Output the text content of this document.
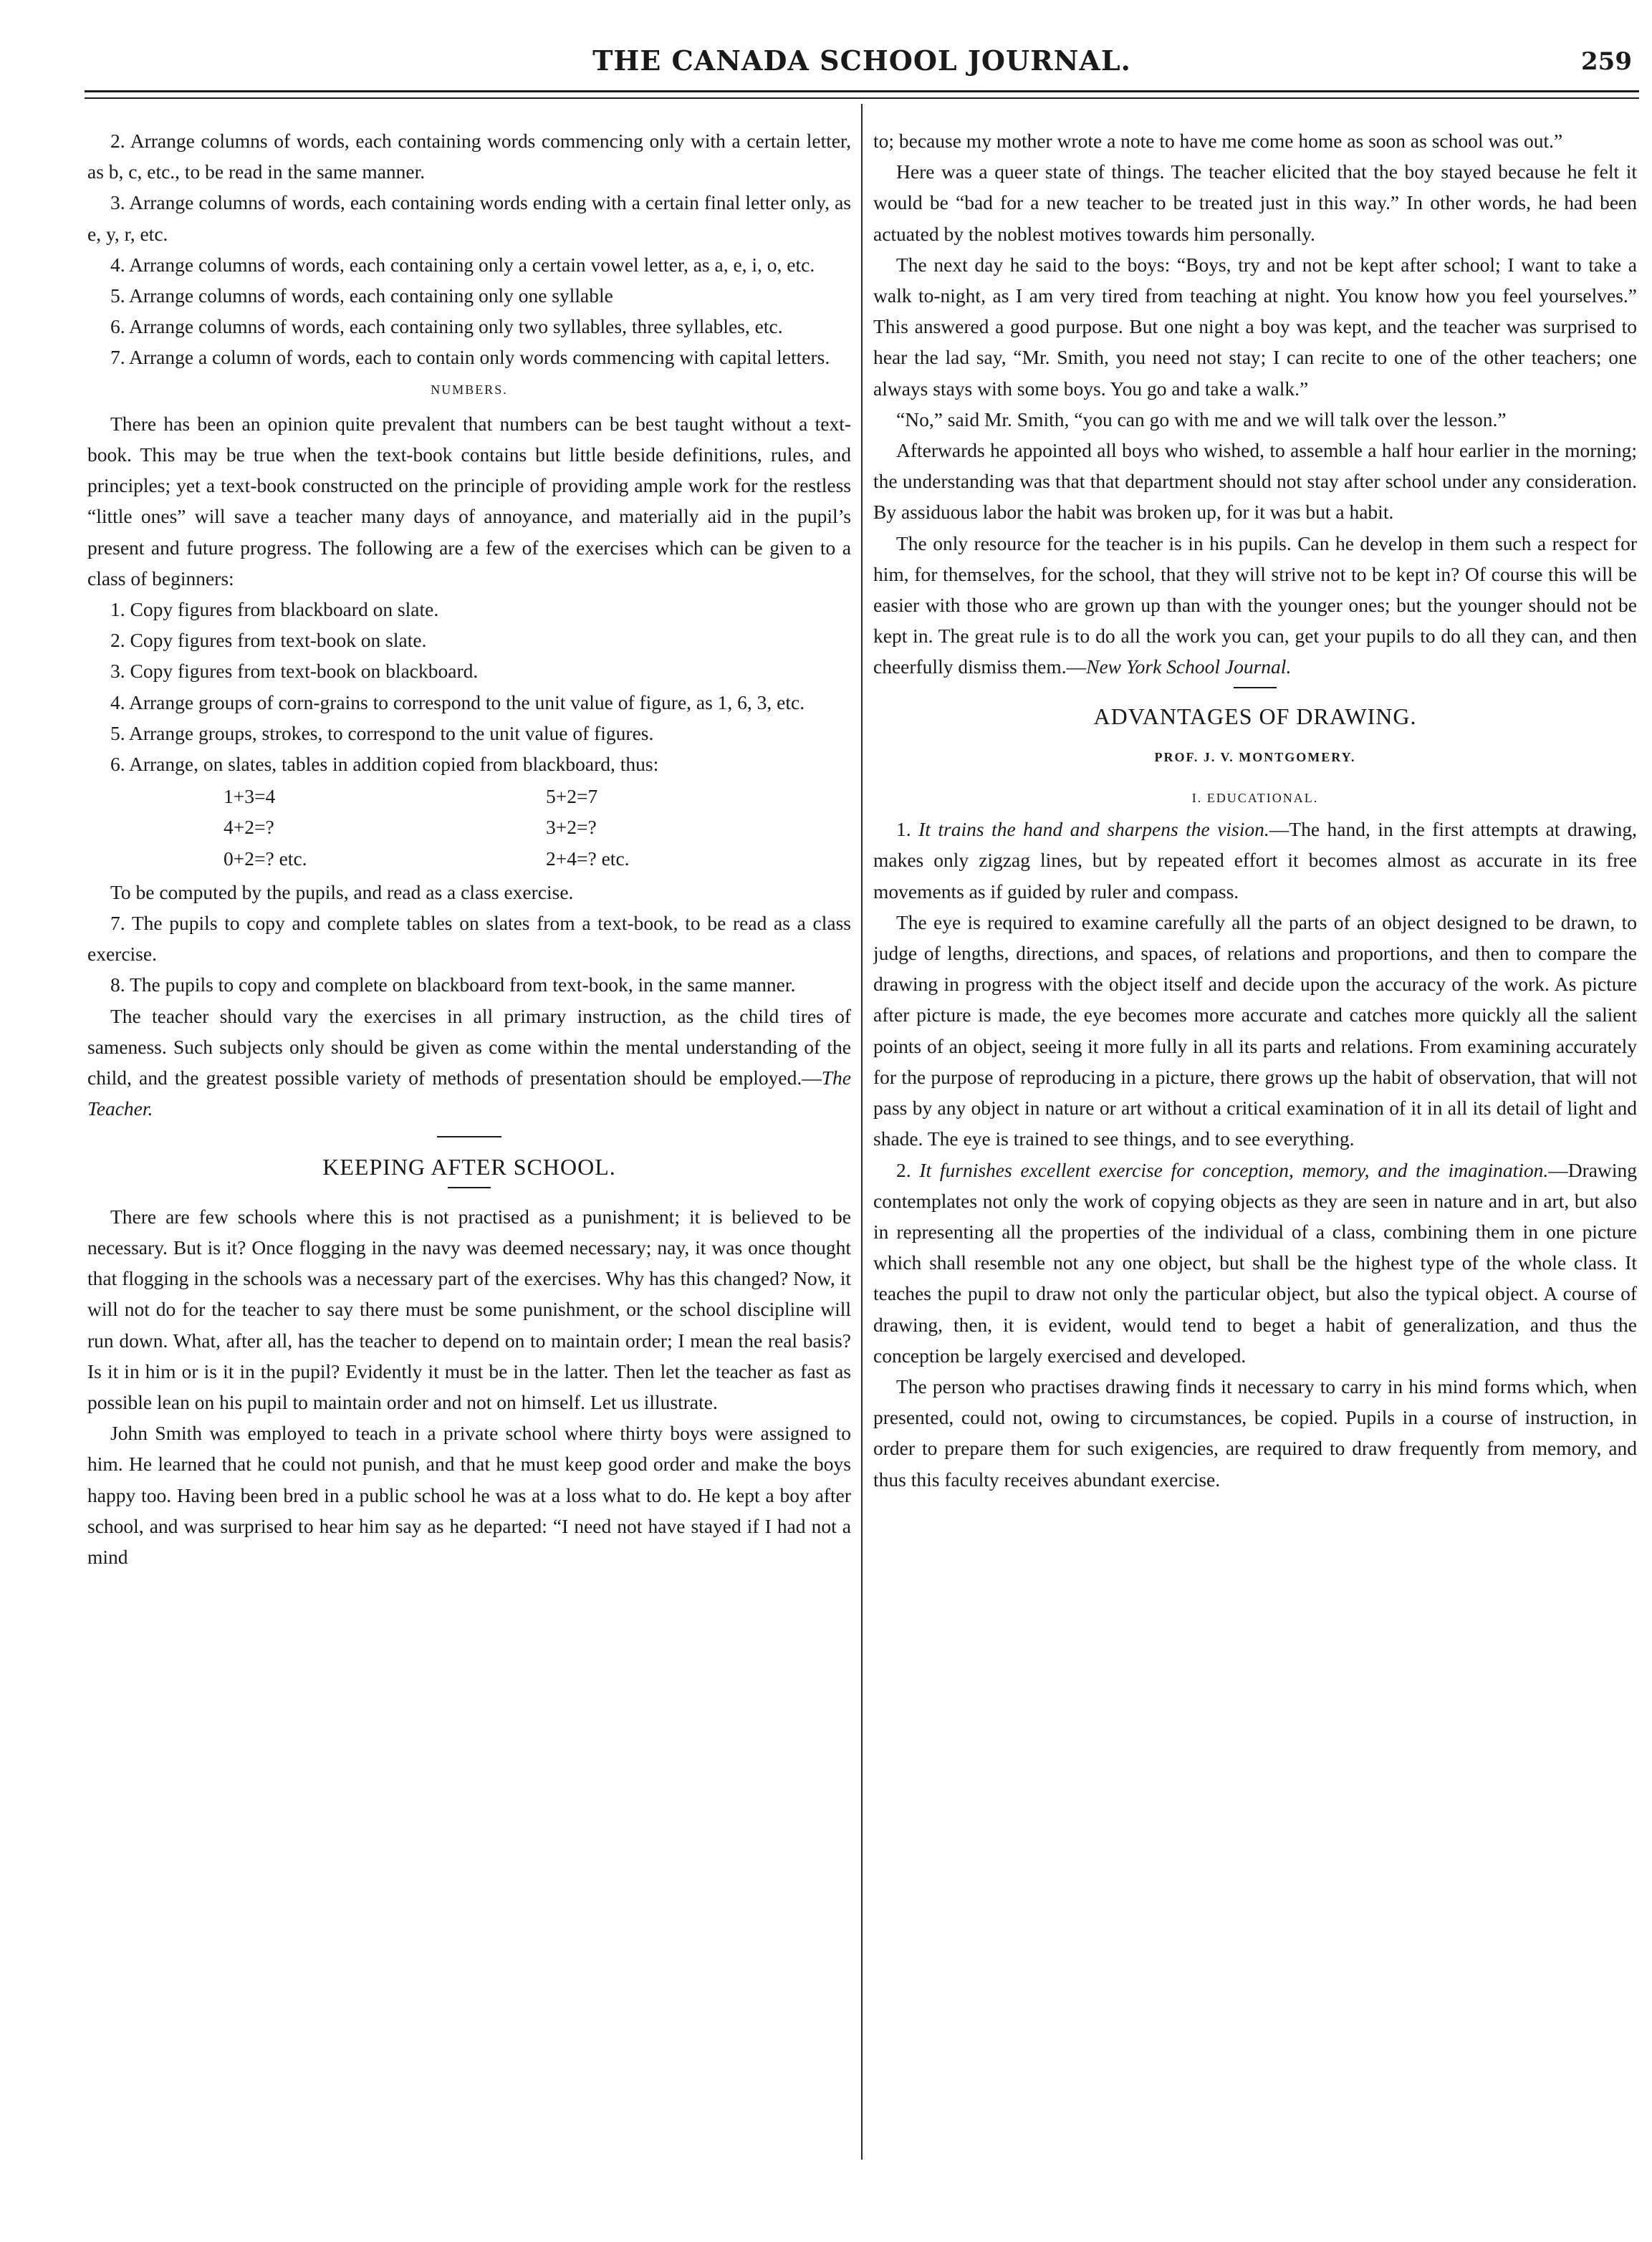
THE CANADA SCHOOL JOURNAL.	259

2. Arrange columns of words, each containing words commencing only with a certain letter, as b, c, etc., to be read in the same manner.

3. Arrange columns of words, each containing words ending with a certain final letter only, as e, y, r, etc.

4. Arrange columns of words, each containing only a certain vowel letter, as a, e, i, o, etc.

5. Arrange columns of words, each containing only one syllable

6. Arrange columns of words, each containing only two syllables, three syllables, etc.

7. Arrange a column of words, each to contain only words commencing with capital letters.

NUMBERS.

There has been an opinion quite prevalent that numbers can be best taught without a text-book. This may be true when the text-book contains but little beside definitions, rules, and principles; yet a text-book constructed on the principle of providing ample work for the restless “little ones” will save a teacher many days of annoyance, and materially aid in the pupil’s present and future progress. The following are a few of the exercises which can be given to a class of beginners:

1. Copy figures from blackboard on slate.

2. Copy figures from text-book on slate.

3. Copy figures from text-book on blackboard.

4. Arrange groups of corn-grains to correspond to the unit value of figure, as 1, 6, 3, etc.

5. Arrange groups, strokes, to correspond to the unit value of figures.

6. Arrange, on slates, tables in addition copied from blackboard, thus:

1+3=4	5+2=7
4+2=?	3+2=?
0+2=? etc.	2+4=? etc.

To be computed by the pupils, and read as a class exercise.

7. The pupils to copy and complete tables on slates from a text-book, to be read as a class exercise.

8. The pupils to copy and complete on blackboard from text-book, in the same manner.

The teacher should vary the exercises in all primary instruction, as the child tires of sameness. Such subjects only should be given as come within the mental understanding of the child, and the greatest possible variety of methods of presentation should be employed.—The Teacher.

KEEPING AFTER SCHOOL.

There are few schools where this is not practised as a punishment; it is believed to be necessary. But is it? Once flogging in the navy was deemed necessary; nay, it was once thought that flogging in the schools was a necessary part of the exercises. Why has this changed? Now, it will not do for the teacher to say there must be some punishment, or the school discipline will run down. What, after all, has the teacher to depend on to maintain order; I mean the real basis? Is it in him or is it in the pupil? Evidently it must be in the latter. Then let the teacher as fast as possible lean on his pupil to maintain order and not on himself. Let us illustrate.

John Smith was employed to teach in a private school where thirty boys were assigned to him. He learned that he could not punish, and that he must keep good order and make the boys happy too. Having been bred in a public school he was at a loss what to do. He kept a boy after school, and was surprised to hear him say as he departed: “I need not have stayed if I had not a mind

to; because my mother wrote a note to have me come home as soon as school was out.”

Here was a queer state of things. The teacher elicited that the boy stayed because he felt it would be “bad for a new teacher to be treated just in this way.” In other words, he had been actuated by the noblest motives towards him personally.

The next day he said to the boys: “Boys, try and not be kept after school; I want to take a walk to-night, as I am very tired from teaching at night. You know how you feel yourselves.” This answered a good purpose. But one night a boy was kept, and the teacher was surprised to hear the lad say, “Mr. Smith, you need not stay; I can recite to one of the other teachers; one always stays with some boys. You go and take a walk.”

“No,” said Mr. Smith, “you can go with me and we will talk over the lesson.”

Afterwards he appointed all boys who wished, to assemble a half hour earlier in the morning; the understanding was that that department should not stay after school under any consideration. By assiduous labor the habit was broken up, for it was but a habit.

The only resource for the teacher is in his pupils. Can he develop in them such a respect for him, for themselves, for the school, that they will strive not to be kept in? Of course this will be easier with those who are grown up than with the younger ones; but the younger should not be kept in. The great rule is to do all the work you can, get your pupils to do all they can, and then cheerfully dismiss them.—New York School Journal.

ADVANTAGES OF DRAWING.
PROF. J. V. MONTGOMERY.
I. EDUCATIONAL.

1. It trains the hand and sharpens the vision.—The hand, in the first attempts at drawing, makes only zigzag lines, but by repeated effort it becomes almost as accurate in its free movements as if guided by ruler and compass.

The eye is required to examine carefully all the parts of an object designed to be drawn, to judge of lengths, directions, and spaces, of relations and proportions, and then to compare the drawing in progress with the object itself and decide upon the accuracy of the work. As picture after picture is made, the eye becomes more accurate and catches more quickly all the salient points of an object, seeing it more fully in all its parts and relations. From examining accurately for the purpose of reproducing in a picture, there grows up the habit of observation, that will not pass by any object in nature or art without a critical examination of it in all its detail of light and shade. The eye is trained to see things, and to see everything.

2. It furnishes excellent exercise for conception, memory, and the imagination.—Drawing contemplates not only the work of copying objects as they are seen in nature and in art, but also in representing all the properties of the individual of a class, combining them in one picture which shall resemble not any one object, but shall be the highest type of the whole class. It teaches the pupil to draw not only the particular object, but also the typical object. A course of drawing, then, it is evident, would tend to beget a habit of generalization, and thus the conception be largely exercised and developed.

The person who practises drawing finds it necessary to carry in his mind forms which, when presented, could not, owing to circumstances, be copied. Pupils in a course of instruction, in order to prepare them for such exigencies, are required to draw frequently from memory, and thus this faculty receives abundant exercise.
